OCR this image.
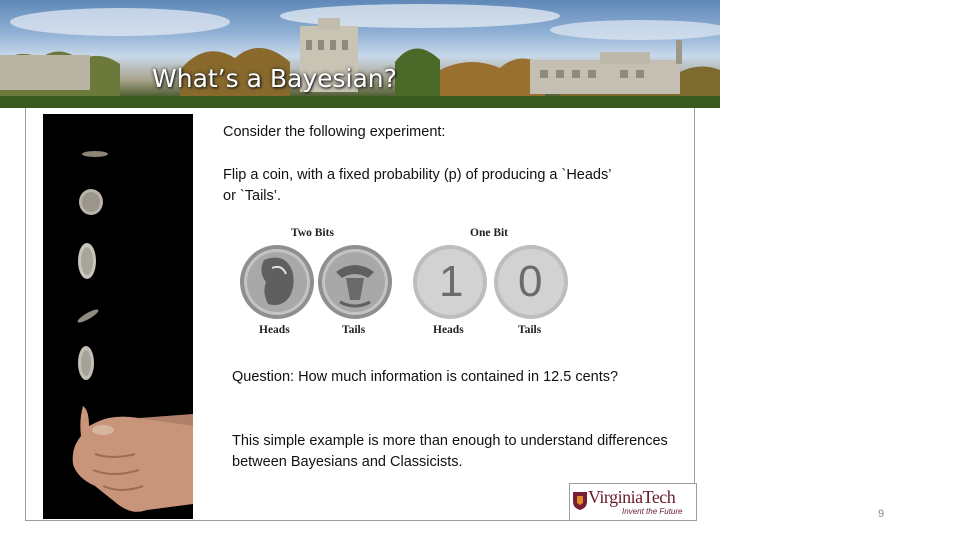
What’s a Bayesian?
Consider the following experiment:
Flip a coin, with a fixed probability (p) of producing a `Heads’ or `Tails’.
Two Bits	One Bit
1 0
Heads	Tails	Heads	Tails
Question: How much information is contained in 12.5 cents?
This simple example is more than enough to understand differences between Bayesians and Classicists.
VirginiaTech
Invent the Future	9
